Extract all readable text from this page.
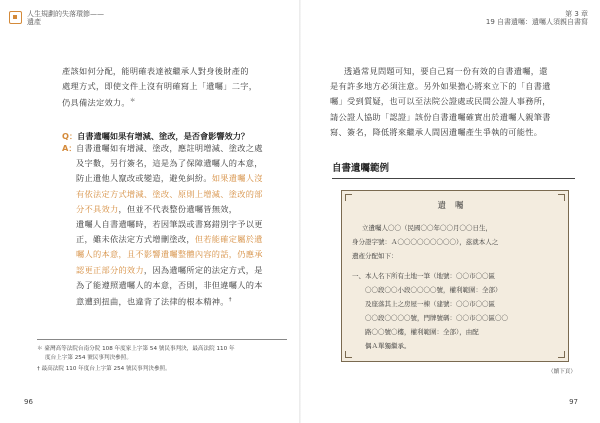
人生規劃的失落環節——
遺產
產該如何分配，能明確表達被繼承人對身後財產的
處理方式，即使文件上沒有明確寫上「遺囑」二字，
仍具備法定效力。＊
Q：自書遺囑如果有增減、塗改，是否會影響效力？
A： 自書遺囑如有增減、塗改，應註明增減、塗改之處
及字數，另行簽名，這是為了保障遺囑人的本意，
防止遺他人竄改或變造，避免糾紛。如果遺囑人沒
有依法定方式增減、塗改、原則上增減、塗改的部
分不具效力，但並不代表整份遺囑皆無效，
遺囑人自書遺囑時，若因筆誤或書寫錯別字予以更
正，雖未依法定方式增刪塗改，但若能確定屬於遺
囑人的本意，且不影響遺囑整體內容的話，仍應承
認更正部分的效力，因為遺囑所定的法定方式，是
為了能遵照遺囑人的本意，否則，非但違囑人的本
意遭到扭曲，也違背了法律的根本精神。†
＊ 臺灣高等法院台南分院 108 年度家上字第 54 號民事判決，最高法院 110 年
度台上字第 254 號民事判決參照。
† 最高法院 110 年度台上字第 254 號民事判決參照。
96
第 3 章
19 自書遺囑：遺囑人須親自書寫
透過常見問題可知，要自己寫一份有效的自書遺囑，還
是有許多地方必須注意。另外如果擔心將來立下的「自書遺
囑」受到質疑，也可以至法院公證處或民間公證人事務所，
請公證人協助「認證」該份自書遺囑確實出於遺囑人親筆書
寫、簽名，降低將來繼承人間因遺囑產生爭執的可能性。
自書遺囑範例
遺囑
立遺囑人〇〇（民國〇〇年〇〇月〇〇日生，
身分證字號：Ａ〇〇〇〇〇〇〇〇〇），茲就本人之
遺產分配如下：
一、本人名下所有土地一筆（地號：〇〇市〇〇區
　　〇〇段〇〇小段〇〇〇〇號，權利範圍：全部）
　　及座落其上之房屋一棟（建號：〇〇市〇〇區
　　〇〇段〇〇〇〇號，門牌號碼：〇〇市〇〇區〇〇
　　路〇〇號〇樓，權利範圍：全部），由配
　　偶Ａ單獨繼承。
（續下頁）
97
